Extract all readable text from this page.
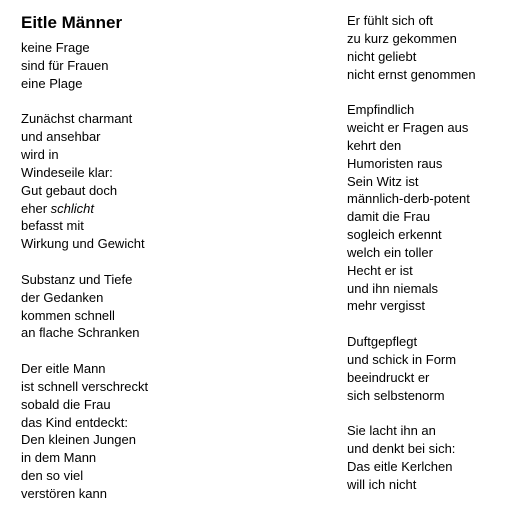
Eitle Männer
keine Frage
sind für Frauen
eine Plage
Zunächst charmant
und ansehbar
wird in
Windeseile klar:
Gut gebaut doch
eher schlicht
befasst mit
Wirkung und Gewicht
Substanz und Tiefe
der Gedanken
kommen schnell
an flache Schranken
Der eitle Mann
ist schnell verschreckt
sobald die Frau
das Kind entdeckt:
Den kleinen Jungen
in dem Mann
den so viel
verstören kann
Er fühlt sich oft
zu kurz gekommen
nicht geliebt
nicht ernst genommen
Empfindlich
weicht er Fragen aus
kehrt den
Humoristen raus
Sein Witz ist
männlich-derb-potent
damit die Frau
sogleich erkennt
welch ein toller
Hecht er ist
und ihn niemals
mehr vergisst
Duftgepflegt
und schick in Form
beeindruckt er
sich selbstenorm
Sie lacht ihn an
und denkt bei sich:
Das eitle Kerlchen
will ich nicht
